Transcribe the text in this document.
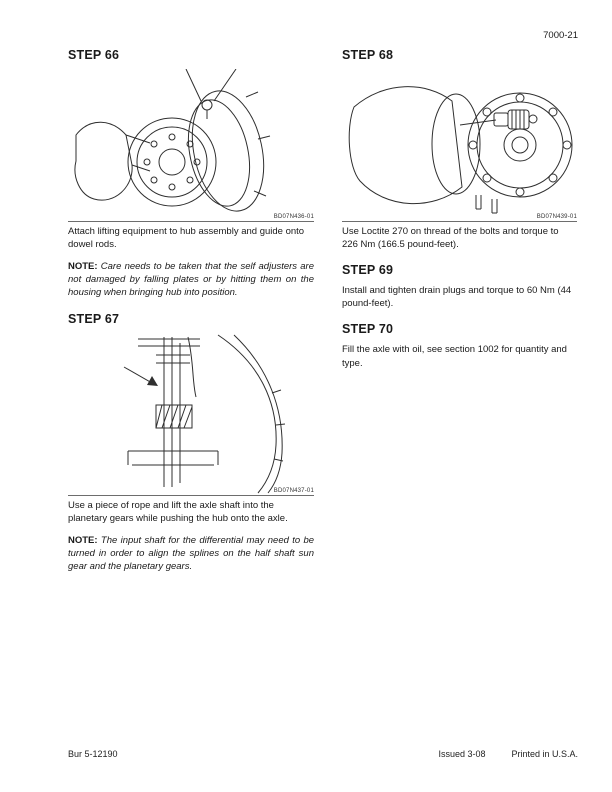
7000-21
STEP 66
BD07N436-01

Attach lifting equipment to hub assembly and guide onto dowel rods.

NOTE: Care needs to be taken that the self adjusters are not damaged by falling plates or by hitting them on the housing when bringing hub into position.

STEP 67
BD07N437-01

Use a piece of rope and lift the axle shaft into the planetary gears while pushing the hub onto the axle.

NOTE: The input shaft for the differential may need to be turned in order to align the splines on the half shaft sun gear and the planetary gears.

STEP 68
BD07N439-01

Use Loctite 270 on thread of the bolts and torque to 226 Nm (166.5 pound-feet).

STEP 69

Install and tighten drain plugs and torque to 60 Nm (44 pound-feet).

STEP 70

Fill the axle with oil, see section 1002 for quantity and type.

Bur 5-12190	Issued 3-08	Printed in U.S.A.
